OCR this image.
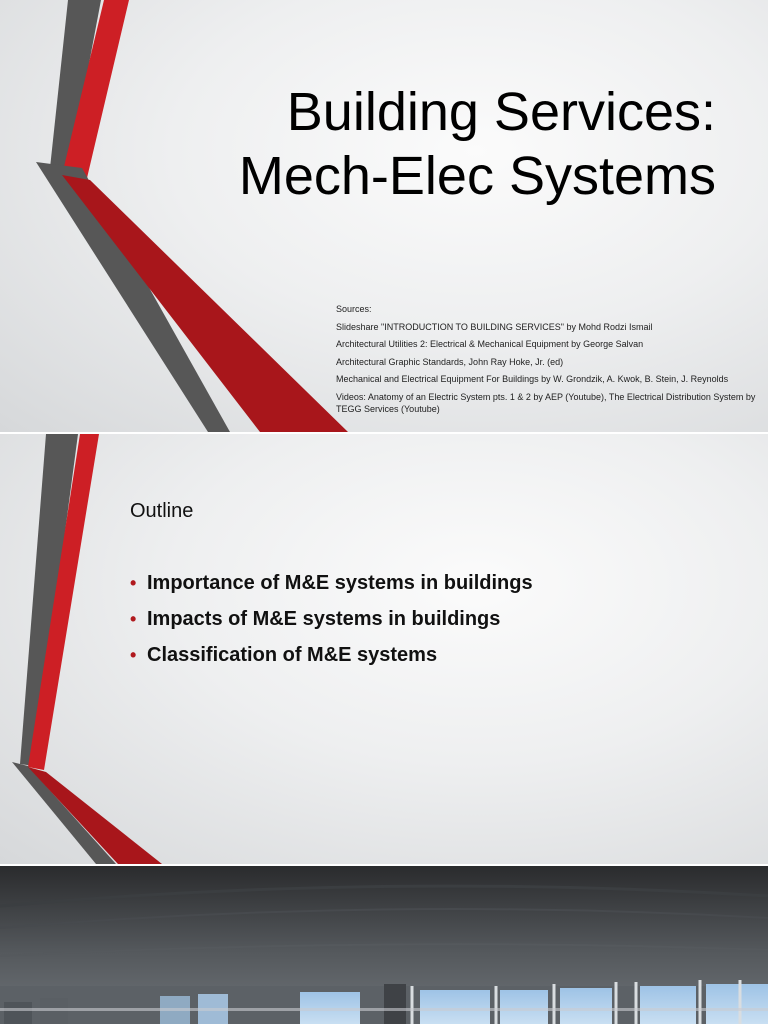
Building Services:
Mech-Elec Systems
Sources:
Slideshare "INTRODUCTION TO BUILDING SERVICES" by Mohd Rodzi Ismail
Architectural Utilities 2: Electrical & Mechanical Equipment by George Salvan
Architectural Graphic Standards, John Ray Hoke, Jr. (ed)
Mechanical and Electrical Equipment For Buildings by W. Grondzik, A. Kwok, B. Stein, J. Reynolds
Videos: Anatomy of an Electric System pts. 1 & 2 by AEP (Youtube), The Electrical Distribution System by TEGG Services (Youtube)
Outline
• Importance of M&E systems in buildings
• Impacts of M&E systems in buildings
• Classification of M&E systems
